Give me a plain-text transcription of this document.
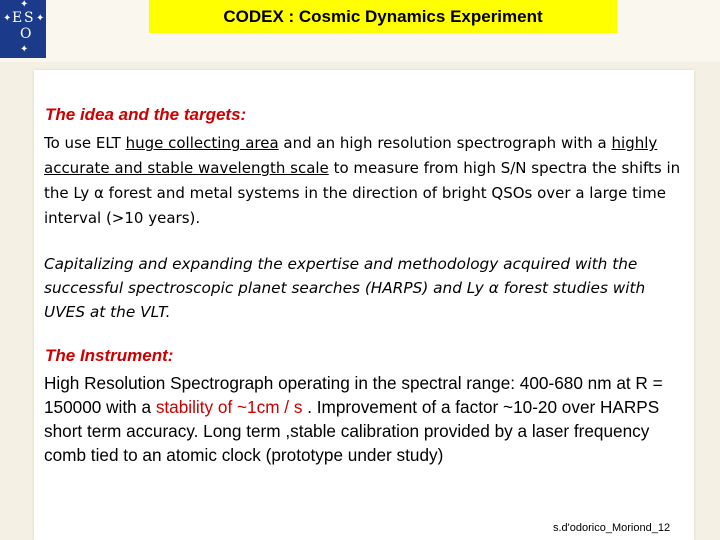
✦
✦ E S ✦
O
✦
CODEX : Cosmic Dynamics Experiment
The idea and the targets:

To use ELT huge collecting area and an high resolution spectrograph with a highly accurate and stable wavelength scale to measure from high S/N spectra the shifts in the Ly α forest and metal systems in the direction of bright QSOs over a large time interval (>10 years).

Capitalizing and expanding the expertise and methodology acquired with the successful spectroscopic planet searches (HARPS) and Ly α forest studies with UVES at the VLT.

The Instrument:

High Resolution Spectrograph operating in the spectral range: 400-680 nm at R = 150000 with a stability of ~1cm / s . Improvement of a factor ~10-20 over HARPS short term accuracy. Long term ,stable calibration provided by a laser frequency comb tied to an atomic clock (prototype under study)

s.d'odorico_Moriond_12
